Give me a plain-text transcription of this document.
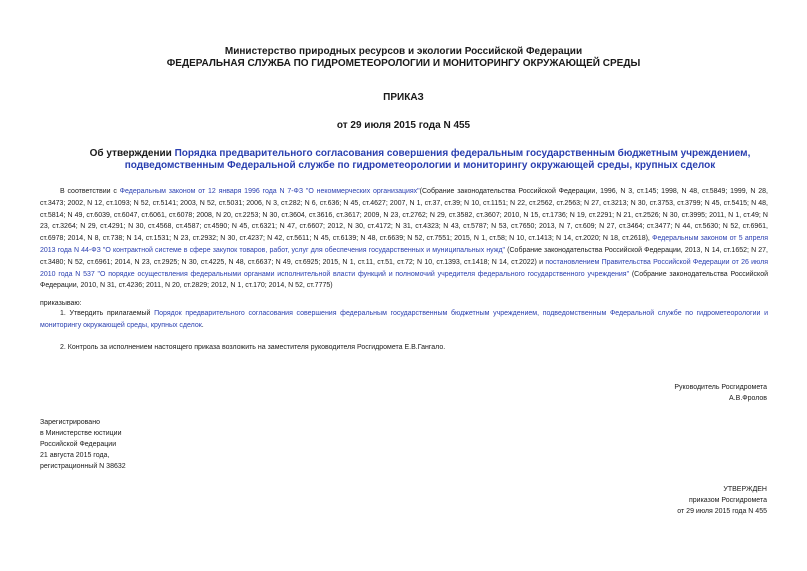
Министерство природных ресурсов и экологии Российской Федерации
ФЕДЕРАЛЬНАЯ СЛУЖБА ПО ГИДРОМЕТЕОРОЛОГИИ И МОНИТОРИНГУ ОКРУЖАЮЩЕЙ СРЕДЫ
ПРИКАЗ
от 29 июля 2015 года N 455
Об утверждении Порядка предварительного согласования совершения федеральным государственным бюджетным учреждением, подведомственным Федеральной службе по гидрометеорологии и мониторингу окружающей среды, крупных сделок
В соответствии с Федеральным законом от 12 января 1996 года N 7-ФЗ "О некоммерческих организациях"(Собрание законодательства Российской Федерации, 1996, N 3, ст.145; 1998, N 48, ст.5849; 1999, N 28, ст.3473; 2002, N 12, ст.1093; N 52, ст.5141; 2003, N 52, ст.5031; 2006, N 3, ст.282; N 6, ст.636; N 45, ст.4627; 2007, N 1, ст.37, ст.39; N 10, ст.1151; N 22, ст.2562, ст.2563; N 27, ст.3213; N 30, ст.3753, ст.3799; N 45, ст.5415; N 48, ст.5814; N 49, ст.6039, ст.6047, ст.6061, ст.6078; 2008, N 20, ст.2253; N 30, ст.3604, ст.3616, ст.3617; 2009, N 23, ст.2762; N 29, ст.3582, ст.3607; 2010, N 15, ст.1736; N 19, ст.2291; N 21, ст.2526; N 30, ст.3995; 2011, N 1, ст.49; N 23, ст.3264; N 29, ст.4291; N 30, ст.4568, ст.4587; ст.4590; N 45, ст.6321; N 47, ст.6607; 2012, N 30, ст.4172; N 31, ст.4323; N 43, ст.5787; N 53, ст.7650; 2013, N 7, ст.609; N 27, ст.3464; ст.3477; N 44, ст.5630; N 52, ст.6961, ст.6978; 2014, N 8, ст.738; N 14, ст.1531; N 23, ст.2932; N 30, ст.4237; N 42, ст.5611; N 45, ст.6139; N 48, ст.6639; N 52, ст.7551; 2015, N 1, ст.58; N 10, ст.1413; N 14, ст.2020; N 18, ст.2618), Федеральным законом от 5 апреля 2013 года N 44-ФЗ "О контрактной системе в сфере закупок товаров, работ, услуг для обеспечения государственных и муниципальных нужд" (Собрание законодательства Российской Федерации, 2013, N 14, ст.1652; N 27, ст.3480; N 52, ст.6961; 2014, N 23, ст.2925; N 30, ст.4225, N 48, ст.6637; N 49, ст.6925; 2015, N 1, ст.11, ст.51, ст.72; N 10, ст.1393, ст.1418; N 14, ст.2022) и постановлением Правительства Российской Федерации от 26 июля 2010 года N 537 "О порядке осуществления федеральными органами исполнительной власти функций и полномочий учредителя федерального государственного учреждения" (Собрание законодательства Российской Федерации, 2010, N 31, ст.4236; 2011, N 20, ст.2829; 2012, N 1, ст.170; 2014, N 52, ст.7775)
приказываю:
1. Утвердить прилагаемый Порядок предварительного согласования совершения федеральным государственным бюджетным учреждением, подведомственным Федеральной службе по гидрометеорологии и мониторингу окружающей среды, крупных сделок.
2. Контроль за исполнением настоящего приказа возложить на заместителя руководителя Росгидромета Е.В.Гангало.
Руководитель Росгидромета
А.В.Фролов
Зарегистрировано
в Министерстве юстиции
Российской Федерации
21 августа 2015 года,
регистрационный N 38632
УТВЕРЖДЕН
приказом Росгидромета
от 29 июля 2015 года N 455
